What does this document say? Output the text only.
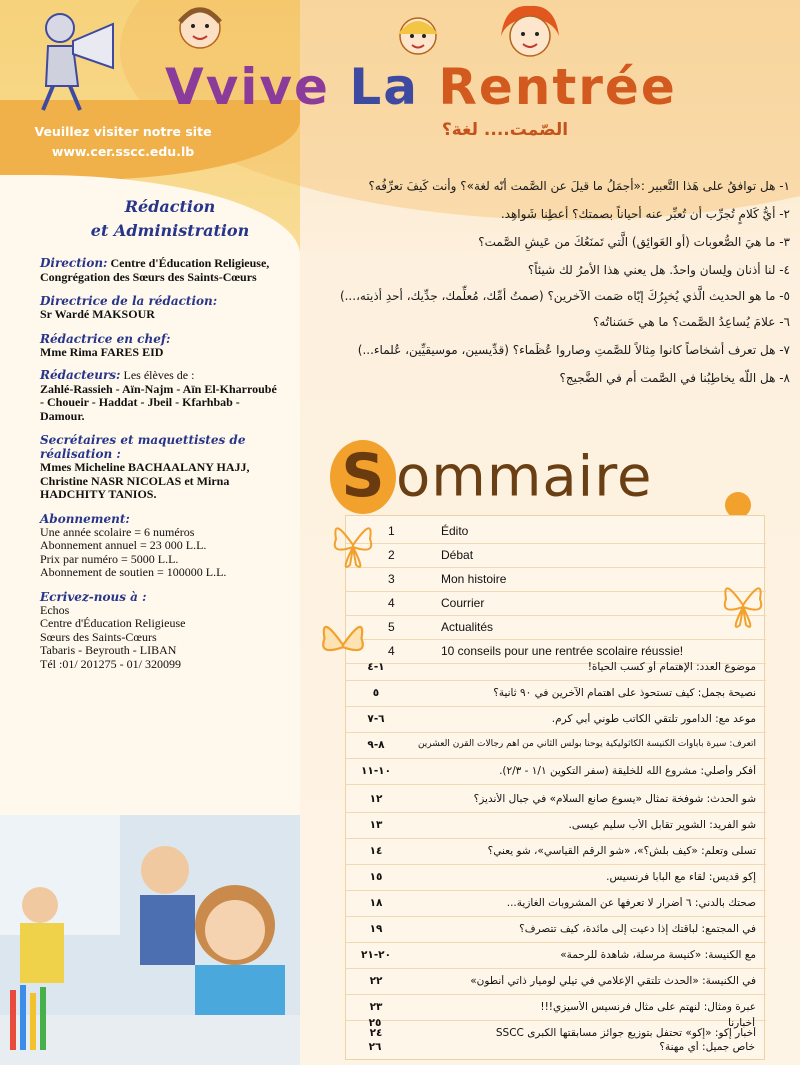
Vvive La Rentrée
Veuillez visiter notre site
www.cer.sscc.edu.lb
Rédaction
et Administration
Direction: Centre d'Éducation Religieuse, Congrégation des Sœurs des Saints-Cœurs
Directrice de la rédaction:
Sr Wardé MAKSOUR
Rédactrice en chef:
Mme Rima FARES EID
Rédacteurs: Les élèves de :
Zahlé-Rassieh - Aïn-Najm - Aïn El-Kharroubé - Choueir - Haddat - Jbeil - Kfarhbab - Damour.
Secrétaires et maquettistes de réalisation :
Mmes Micheline BACHAALANY HAJJ, Christine NASR NICOLAS et Mirna HADCHITY TANIOS.
Abonnement:
Une année scolaire = 6 numéros
Abonnement annuel = 23 000 L.L.
Prix par numéro = 5000 L.L.
Abonnement de soutien = 100000 L.L.
Ecrivez-nous à :
Echos
Centre d'Éducation Religieuse
Sœurs des Saints-Cœurs
Tabaris - Beyrouth - LIBAN
Tél :01/ 201275 - 01/ 320099
الصّمت.... لغة؟
١- هل توافقُ على هَذا التَّعبير :«أجمَلُ ما قيلَ عن الصَّمت أنّه لغة»؟ وأنت كَيفَ تعرِّفُه؟
٢- أيُّ كَلامٍ تُجرِّب أن تُعبِّر عنه أحياناً بصمتك؟ أعطِنا شَواهِد.
٣- ما هيَ الصُّعوبات (أو العَوائِق) الَّتي تَمنَعُكَ من عَيشِ الصَّمت؟
٤- لنا أذنان ولِسان واحدٌ. هل يعني هذا الأمرُ لك شيئاً؟
٥- ما هو الحديث الَّذي يُخبِرُكَ إيّاه صَمت الآخرين؟ (صمتُ أمِّك، مُعلِّمك، جدِّيك، أحدِ أذيته،...)
٦- علامَ يُساعِدُ الصَّمت؟ ما هي حَسَناتُه؟
٧- هل تعرف أشخاصاً كانوا مِثالاً للصَّمتِ وصاروا عُظَماء؟ (قدِّيسين، موسيقيِّين، عُلماء...)
٨- هل اللّه يخاطِبُنا في الصَّمت أم في الضَّجيج؟
S ommaire
1	Édito
2	Débat
3	Mon histoire
4	Courrier
5	Actualités
4	10 conseils pour une rentrée scolaire réussie!
١-٤	موضوع العدد: الإهتمام أو كسب الحياة!
٥	نصيحة بجمل: كيف تستحوذ على اهتمام الآخرين في ٩٠ ثانية؟
٦-٧	موعد مع: الدامور تلتقي الكاتب طوني أبي كرم.
٨-٩	أتعرف: سيرة باباوات الكنيسة الكاثوليكية يوحنا بولس الثاني من أهم رجالات القرن العشرين
١٠-١١	أفكر وأصلي: مشروع الله للخليقة (سفر التكوين ١/١ - ٢/٣).
١٢	شو الحدث: شوفخة تمثال «يسوع صانع السلام» في جبال الأنديز؟
١٣	شو الفريد: الشوير تقابل الأب سليم عيسى.
١٤	تسلّى وتعلّم: «كيف بلّش؟»، «شو الرقم القياسي»، شو يعني؟
١٥	إكو قديس: لقاء مع البابا فرنسيس.
١٨	صحتك بالدني: ٦ أضرار لا تعرفها عن المشروبات الغازية...
١٩	في المجتمع: لباقتك إذا دعيت إلى مائدة، كيف تتصرف؟
٢٠-٢١	مع الكنيسة: «كنيسة مرسلة، شاهدة للرحمة»
٢٢	في الكنيسة: «الحدث تلتقي الإعلامي في تيلي لوميار ذاتي أنطون»
٢٣	عبرة ومثال: لنهتم على مثال فرنسيس الأسيزي!!!
٢٤	أخبار إكو: «إكو» تحتفل بتوزيع جوائز مسابقتها الكبرى SSCC
٢٥	أخبارنا
٢٦	خاص جميل: أي مهنة؟
